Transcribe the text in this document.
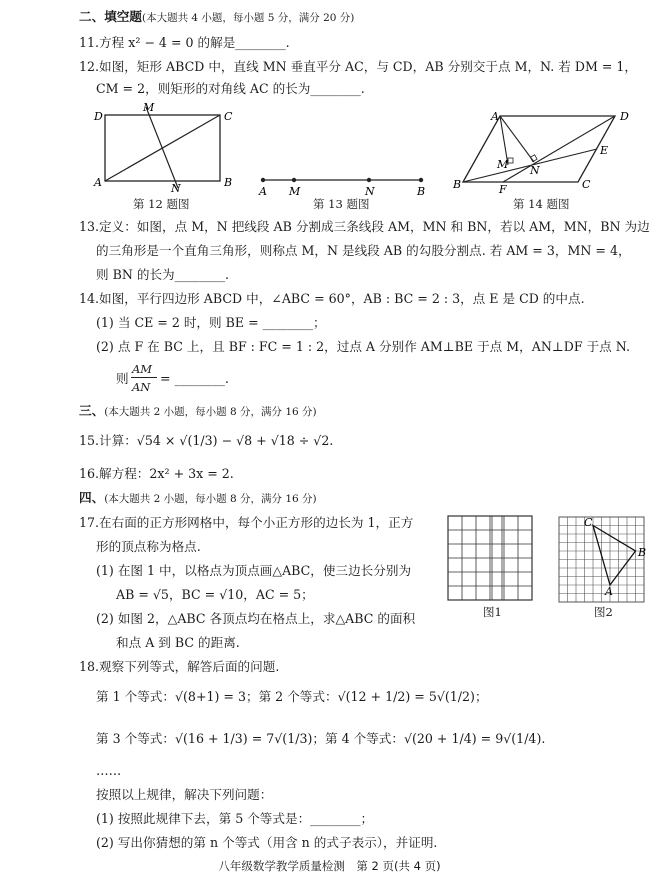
二、填空题(本大题共 4 小题，每小题 5 分，满分 20 分)
11.方程 x² − 4 = 0 的解是________.
12.如图，矩形 ABCD 中，直线 MN 垂直平分 AC，与 CD，AB 分别交于点 M，N. 若 DM = 1，
CM = 2，则矩形的对角线 AC 的长为________.
D	C
A	B
M
N	A M	N	B
A	D
M N
E
B	F	C
第 12 题图	第 13 题图	第 14 题图
13.定义：如图，点 M，N 把线段 AB 分割成三条线段 AM，MN 和 BN，若以 AM，MN，BN 为边
的三角形是一个直角三角形，则称点 M，N 是线段 AB 的勾股分割点. 若 AM = 3，MN = 4，
则 BN 的长为________.
14.如图，平行四边形 ABCD 中，∠ABC = 60°，AB : BC = 2 : 3，点 E 是 CD 的中点.
(1) 当 CE = 2 时，则 BE = ________；
(2) 点 F 在 BC 上，且 BF : FC = 1 : 2，过点 A 分别作 AM⊥BE 于点 M，AN⊥DF 于点 N.
则
AM
AN
= ________.
三、(本大题共 2 小题，每小题 8 分，满分 16 分)
15.计算：√54 × √(1/3) − √8 + √18 ÷ √2.
16.解方程：2x² + 3x = 2.
四、(本大题共 2 小题，每小题 8 分，满分 16 分)
17.在右面的正方形网格中，每个小正方形的边长为 1，正方
形的顶点称为格点.
(1) 在图 1 中，以格点为顶点画△ABC，使三边长分别为
AB = √5，BC = √10，AC = 5；
(2) 如图 2，△ABC 各顶点均在格点上，求△ABC 的面积
和点 A 到 BC 的距离.
C
B
A
图1	图2
18.观察下列等式，解答后面的问题.
第 1 个等式：√(8+1) = 3；第 2 个等式：√(12 + 1/2) = 5√(1/2)；
第 3 个等式：√(16 + 1/3) = 7√(1/3)；第 4 个等式：√(20 + 1/4) = 9√(1/4).
……
按照以上规律，解决下列问题：
(1) 按照此规律下去，第 5 个等式是：________；
(2) 写出你猜想的第 n 个等式（用含 n 的式子表示），并证明.
八年级数学教学质量检测　第 2 页(共 4 页)
